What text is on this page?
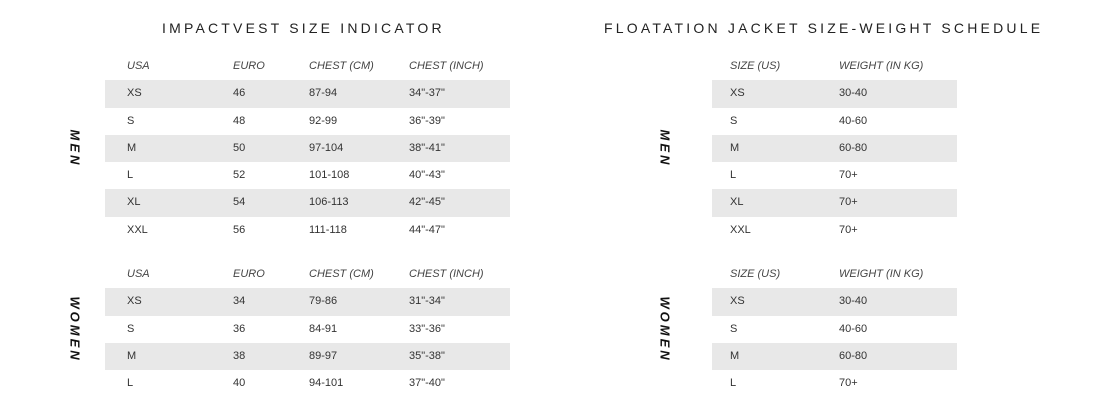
IMPACTVEST SIZE INDICATOR	FLOATATION JACKET SIZE-WEIGHT SCHEDULE
MEN
WOMEN
MEN
WOMEN
USA	EURO	CHEST (CM)	CHEST (INCH)
XS	46	87-94	34"-37"
S	48	92-99	36"-39"
M	50	97-104	38"-41"
L	52	101-108	40"-43"
XL	54	106-113	42"-45"
XXL	56	111-118	44"-47"
USA	EURO	CHEST (CM)	CHEST (INCH)
XS	34	79-86	31"-34"
S	36	84-91	33"-36"
M	38	89-97	35"-38"
L	40	94-101	37"-40"
SIZE (US)	WEIGHT (IN KG)
XS	30-40
S	40-60
M	60-80
L	70+
XL	70+
XXL	70+
SIZE (US)	WEIGHT (IN KG)
XS	30-40
S	40-60
M	60-80
L	70+
